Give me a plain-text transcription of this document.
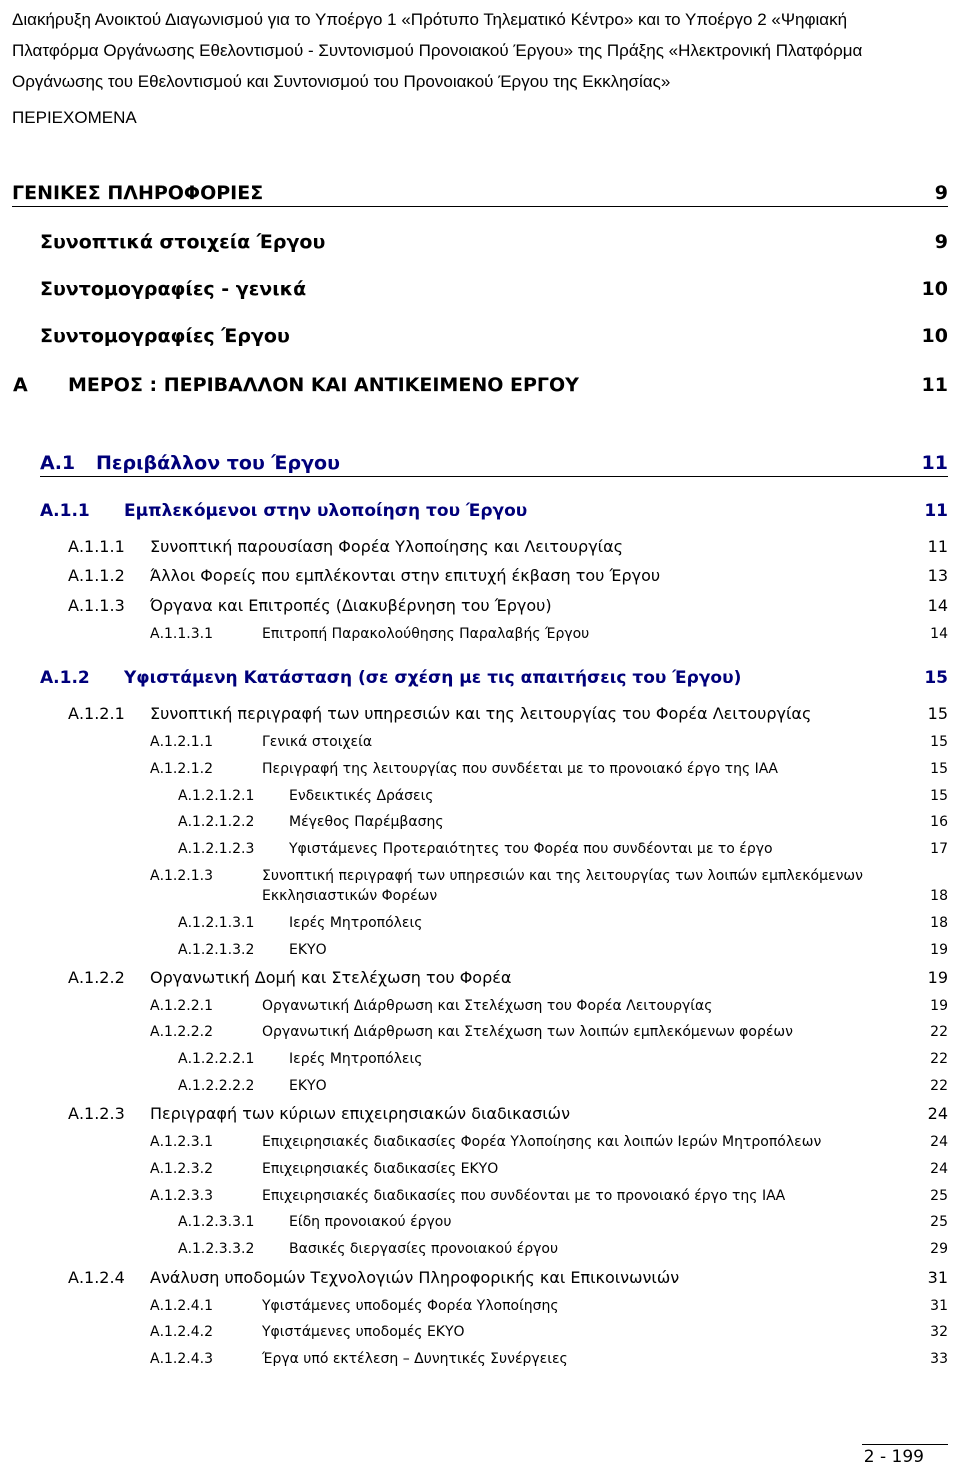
Διακήρυξη Ανοικτού Διαγωνισμού για το Υποέργο 1 «Πρότυπο Τηλεματικό Κέντρο» και το Υποέργο 2 «Ψηφιακή
Πλατφόρμα Οργάνωσης Εθελοντισμού - Συντονισμού Προνοιακού Έργου» της Πράξης «Ηλεκτρονική Πλατφόρμα
Οργάνωσης του Εθελοντισμού και Συντονισμού του Προνοιακού Έργου της Εκκλησίας»
ΠΕΡΙΕΧΟΜΕΝΑ
ΓΕΝΙΚΕΣ ΠΛΗΡΟΦΟΡΙΕΣ	9
Συνοπτικά στοιχεία Έργου	9
Συντομογραφίες - γενικά	10
Συντομογραφίες Έργου	10
Α ΜΕΡΟΣ : ΠΕΡΙΒΑΛΛΟΝ ΚΑΙ ΑΝΤΙΚΕΙΜΕΝΟ ΕΡΓΟΥ	11
Α.1 Περιβάλλον του Έργου	11
Α.1.1 Εμπλεκόμενοι στην υλοποίηση του Έργου	11
Α.1.1.1 Συνοπτική παρουσίαση Φορέα Υλοποίησης και Λειτουργίας	11
Α.1.1.2 Άλλοι Φορείς που εμπλέκονται στην επιτυχή έκβαση του Έργου	13
Α.1.1.3 Όργανα και Επιτροπές (Διακυβέρνηση του Έργου)	14
Α.1.1.3.1	Επιτροπή Παρακολούθησης Παραλαβής Έργου	14
Α.1.2 Υφιστάμενη Κατάσταση (σε σχέση με τις απαιτήσεις του Έργου)	15
Α.1.2.1 Συνοπτική περιγραφή των υπηρεσιών και της λειτουργίας του Φορέα Λειτουργίας	15
Α.1.2.1.1	Γενικά στοιχεία	15
Α.1.2.1.2	Περιγραφή της λειτουργίας που συνδέεται με το προνοιακό έργο της ΙΑΑ	15
Α.1.2.1.2.1 Ενδεικτικές Δράσεις	15
Α.1.2.1.2.2 Μέγεθος Παρέμβασης	16
Α.1.2.1.2.3 Υφιστάμενες Προτεραιότητες του Φορέα που συνδέονται με το έργο	17
Α.1.2.1.3	Συνοπτική περιγραφή των υπηρεσιών και της λειτουργίας των λοιπών εμπλεκόμενων
Εκκλησιαστικών Φορέων	18
Α.1.2.1.3.1 Ιερές Μητροπόλεις	18
Α.1.2.1.3.2 ΕΚΥΟ	19
Α.1.2.2 Οργανωτική Δομή και Στελέχωση του Φορέα	19
Α.1.2.2.1	Οργανωτική Διάρθρωση και Στελέχωση του Φορέα Λειτουργίας	19
Α.1.2.2.2	Οργανωτική Διάρθρωση και Στελέχωση των λοιπών εμπλεκόμενων φορέων	22
Α.1.2.2.2.1 Ιερές Μητροπόλεις	22
Α.1.2.2.2.2 ΕΚΥΟ	22
Α.1.2.3 Περιγραφή των κύριων επιχειρησιακών διαδικασιών	24
Α.1.2.3.1	Επιχειρησιακές διαδικασίες Φορέα Υλοποίησης και λοιπών Ιερών Μητροπόλεων	24
Α.1.2.3.2	Επιχειρησιακές διαδικασίες ΕΚΥΟ	24
Α.1.2.3.3	Επιχειρησιακές διαδικασίες που συνδέονται με το προνοιακό έργο της ΙΑΑ	25
Α.1.2.3.3.1 Είδη προνοιακού έργου	25
Α.1.2.3.3.2 Βασικές διεργασίες προνοιακού έργου	29
Α.1.2.4 Ανάλυση υποδομών Τεχνολογιών Πληροφορικής και Επικοινωνιών	31
Α.1.2.4.1	Υφιστάμενες υποδομές Φορέα Υλοποίησης	31
Α.1.2.4.2	Υφιστάμενες υποδομές ΕΚΥΟ	32
Α.1.2.4.3	Έργα υπό εκτέλεση – Δυνητικές Συνέργειες	33
2 - 199
